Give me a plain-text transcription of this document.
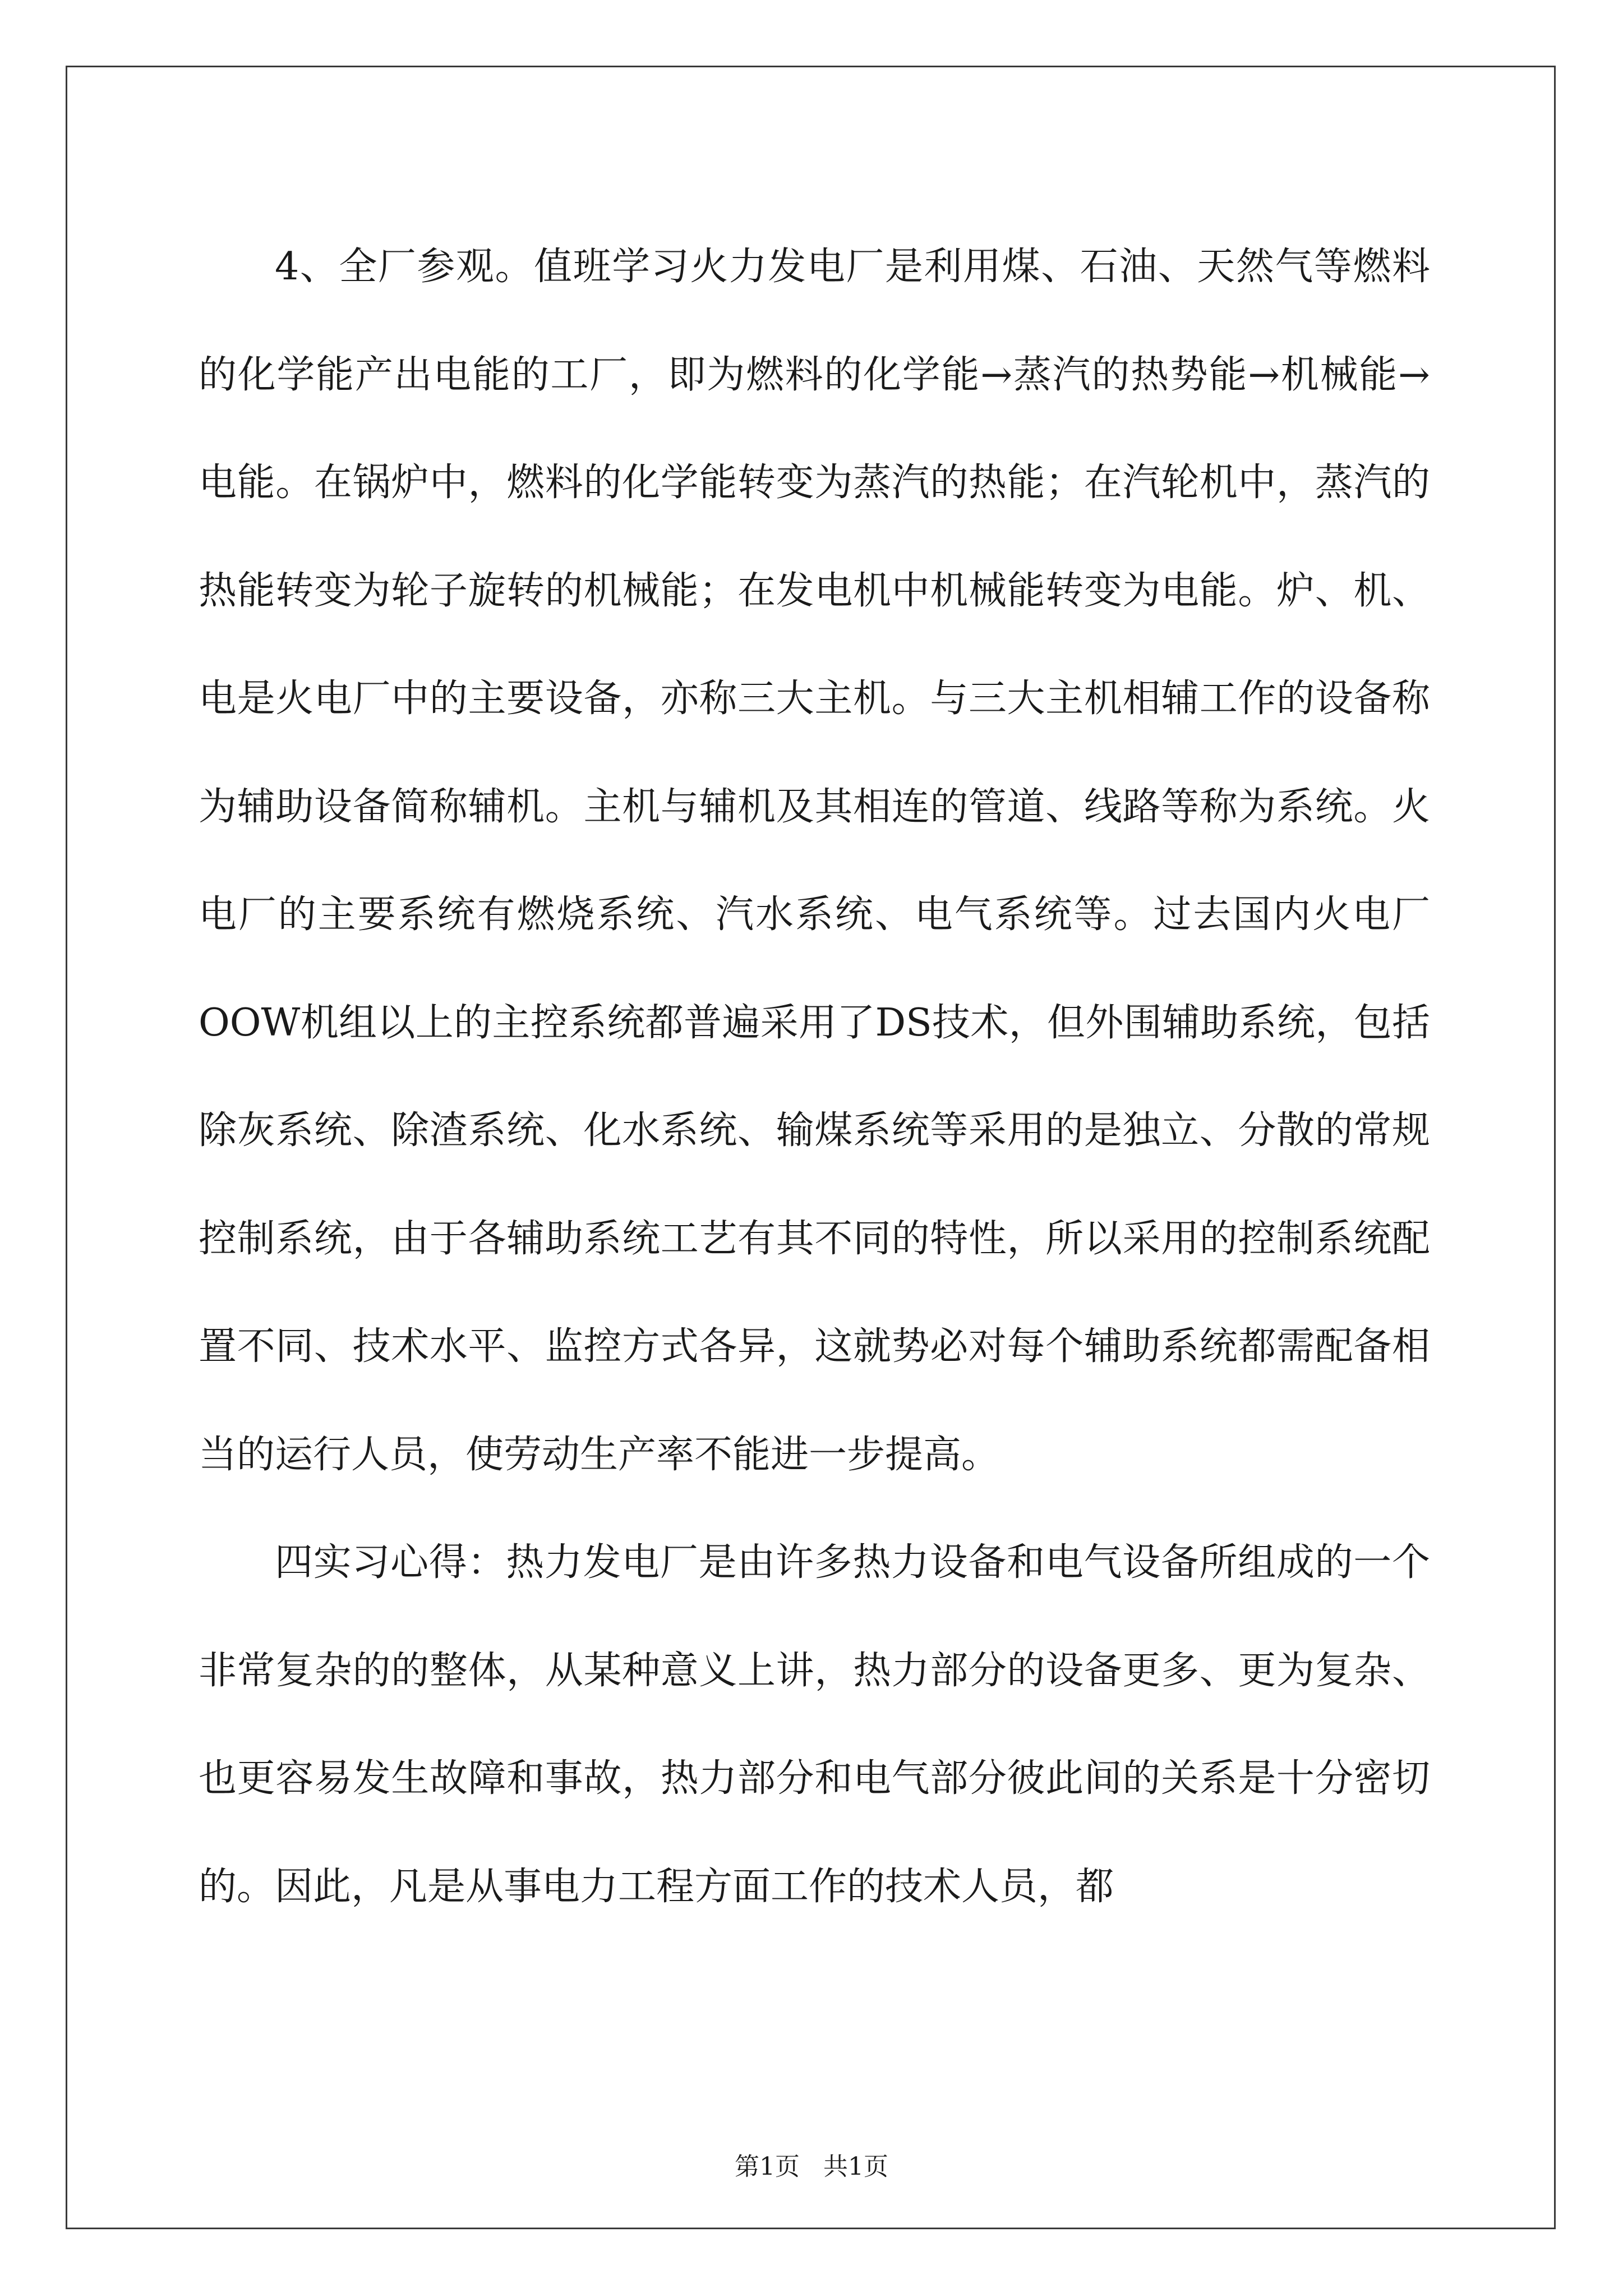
4、全厂参观。值班学习火力发电厂是利用煤、石油、天然气等燃料的化学能产出电能的工厂，即为燃料的化学能→蒸汽的热势能→机械能→电能。在锅炉中，燃料的化学能转变为蒸汽的热能；在汽轮机中，蒸汽的热能转变为轮子旋转的机械能；在发电机中机械能转变为电能。炉、机、电是火电厂中的主要设备，亦称三大主机。与三大主机相辅工作的设备称为辅助设备简称辅机。主机与辅机及其相连的管道、线路等称为系统。火电厂的主要系统有燃烧系统、汽水系统、电气系统等。过去国内火电厂OOW机组以上的主控系统都普遍采用了DS技术，但外围辅助系统，包括除灰系统、除渣系统、化水系统、输煤系统等采用的是独立、分散的常规控制系统，由于各辅助系统工艺有其不同的特性，所以采用的控制系统配置不同、技术水平、监控方式各异，这就势必对每个辅助系统都需配备相当的运行人员，使劳动生产率不能进一步提高。

四实习心得：热力发电厂是由许多热力设备和电气设备所组成的一个非常复杂的的整体，从某种意义上讲，热力部分的设备更多、更为复杂、也更容易发生故障和事故，热力部分和电气部分彼此间的关系是十分密切的。因此，凡是从事电力工程方面工作的技术人员，都

第1页   共1页
